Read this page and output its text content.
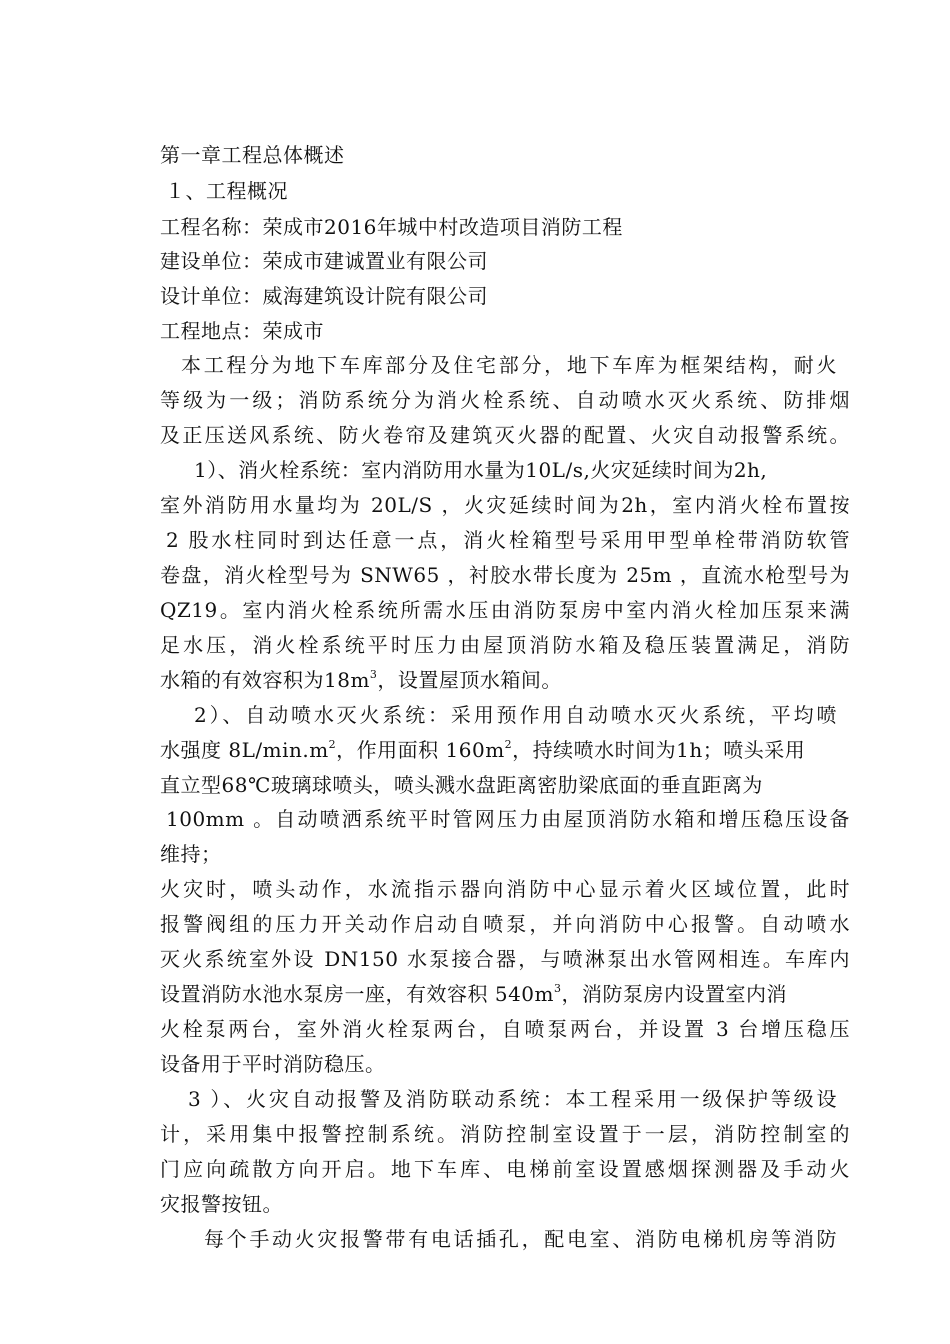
第一章工程总体概述
１、工程概况
工程名称：荣成市2016年城中村改造项目消防工程
建设单位：荣成市建诚置业有限公司
设计单位：威海建筑设计院有限公司
工程地点：荣成市
本工程分为地下车库部分及住宅部分，地下车库为框架结构，耐火
等级为一级；消防系统分为消火栓系统、自动喷水灭火系统、防排烟
及正压送风系统、防火卷帘及建筑灭火器的配置、火灾自动报警系统。
1）、消火栓系统：室内消防用水量为10L/s,火灾延续时间为2h,
室外消防用水量均为 20L/S ，火灾延续时间为2h，室内消火栓布置按
2 股水柱同时到达任意一点，消火栓箱型号采用甲型单栓带消防软管
卷盘，消火栓型号为 SNW65 ，衬胶水带长度为 25m ，直流水枪型号为
QZ19。室内消火栓系统所需水压由消防泵房中室内消火栓加压泵来满
足水压，消火栓系统平时压力由屋顶消防水箱及稳压装置满足，消防
水箱的有效容积为$18m^3$，设置屋顶水箱间。
2）、自动喷水灭火系统：采用预作用自动喷水灭火系统，平均喷
水强度 $8L/\min.m^2$，作用面积 $160m^2$，持续喷水时间为1h；喷头采用
直立型68℃玻璃球喷头，喷头溅水盘距离密肋梁底面的垂直距离为
100mm 。自动喷洒系统平时管网压力由屋顶消防水箱和增压稳压设备
维持；
火灾时，喷头动作，水流指示器向消防中心显示着火区域位置，此时
报警阀组的压力开关动作启动自喷泵，并向消防中心报警。自动喷水
灭火系统室外设 DN150 水泵接合器，与喷淋泵出水管网相连。车库内
设置消防水池水泵房一座，有效容积 $540m^3$，消防泵房内设置室内消
火栓泵两台，室外消火栓泵两台，自喷泵两台，并设置 3 台增压稳压
设备用于平时消防稳压。
3 ）、火灾自动报警及消防联动系统：本工程采用一级保护等级设
计，采用集中报警控制系统。消防控制室设置于一层，消防控制室的
门应向疏散方向开启。地下车库、电梯前室设置感烟探测器及手动火
灾报警按钮。
每个手动火灾报警带有电话插孔，配电室、消防电梯机房等消防
